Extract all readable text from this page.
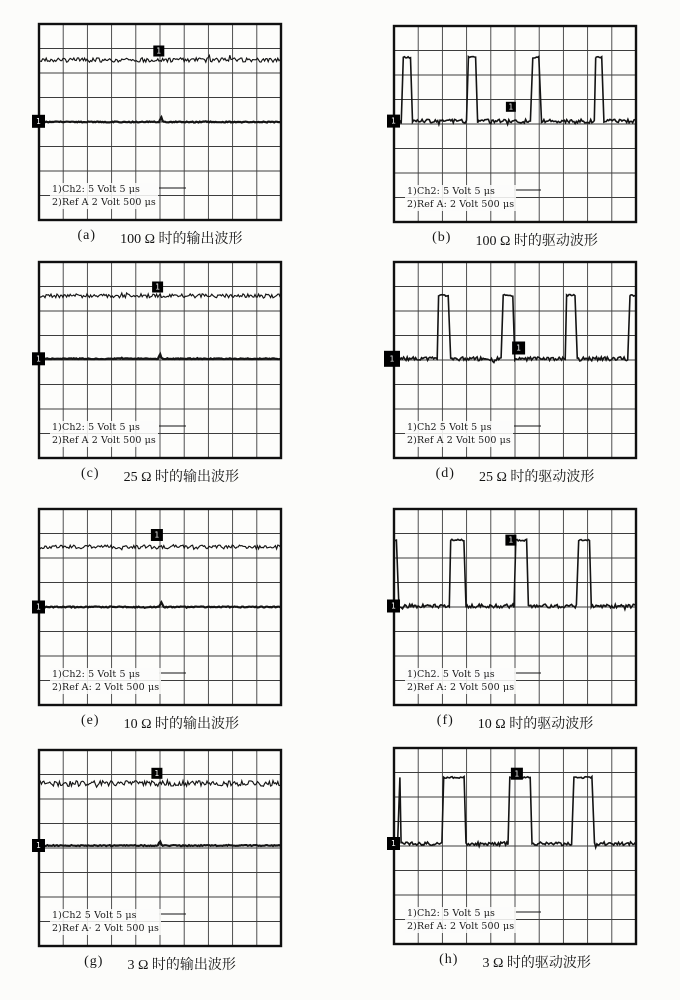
1
1
1)Ch2: 5 Volt 5 μs
2)Ref A 2 Volt 500 μs
(a) 100 Ω 时的输出波形
1
1
1)Ch2: 5 Volt 5 μs
2)Ref A: 2 Volt 500 μs
(b) 100 Ω 时的驱动波形
1
1
1)Ch2: 5 Volt 5 μs
2)Ref A 2 Volt 500 μs
(c) 25 Ω 时的输出波形
1
1
1)Ch2 5 Volt 5 μs
2)Ref A 2 Volt 500 μs
(d) 25 Ω 时的驱动波形
1
1
1)Ch2: 5 Volt 5 μs
2)Ref A: 2 Volt 500 μs
(e) 10 Ω 时的输出波形
1
1
1)Ch2. 5 Volt 5 μs
2)Ref A: 2 Volt 500 μs
(f) 10 Ω 时的驱动波形
1
1
1)Ch2 5 Volt 5 μs
2)Ref A· 2 Volt 500 μs
(g) 3 Ω 时的输出波形
1
1
1)Ch2: 5 Volt 5 μs
2)Ref A: 2 Volt 500 μs
(h) 3 Ω 时的驱动波形
